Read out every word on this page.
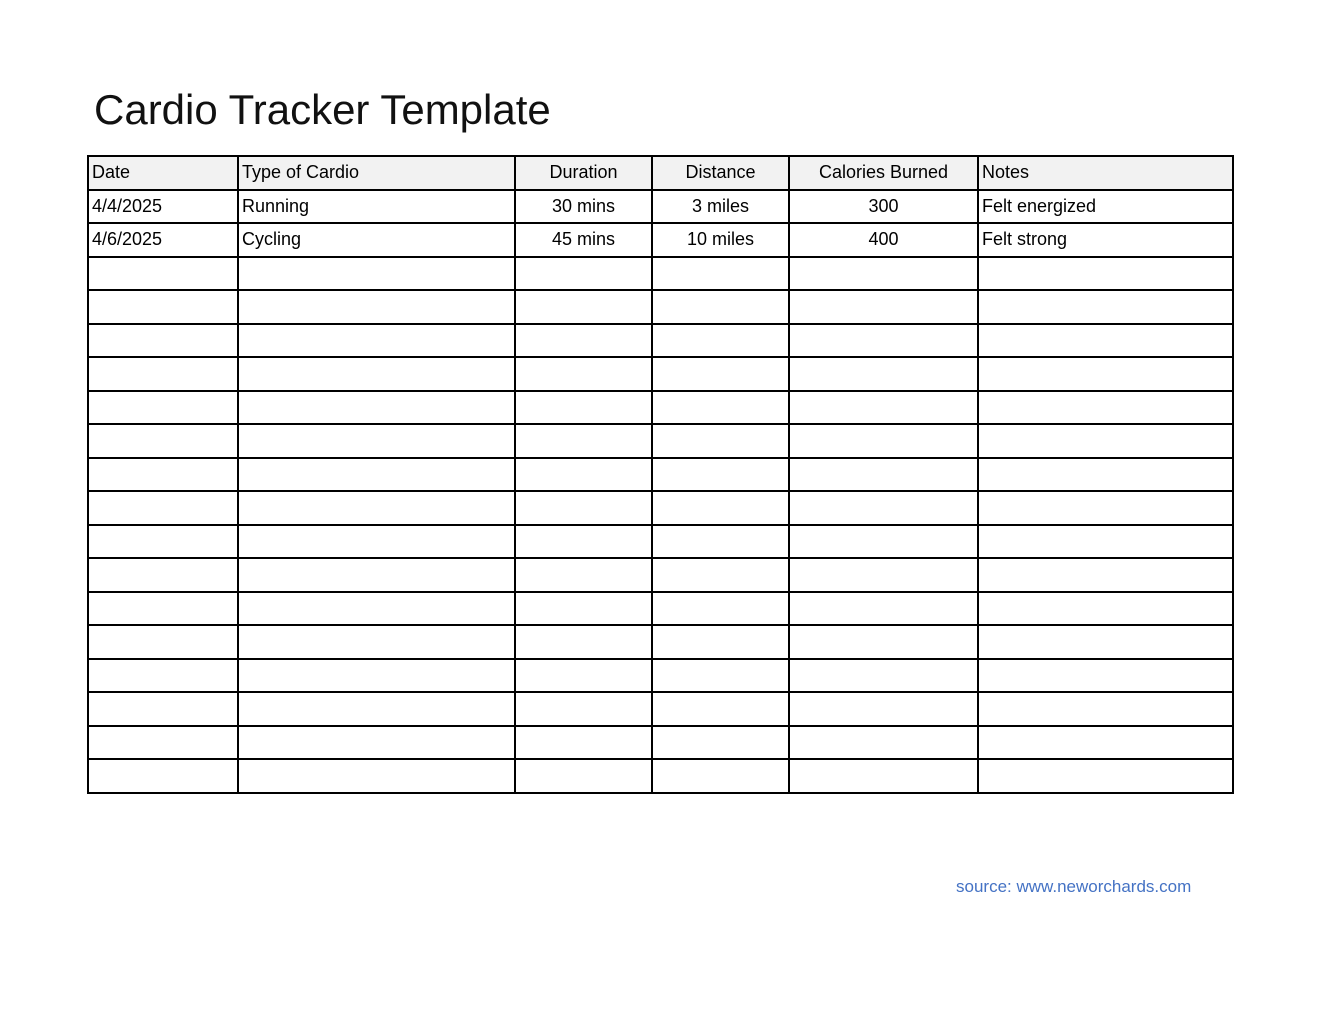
Cardio Tracker Template
Date	Type of Cardio	Duration	Distance	Calories Burned	Notes
4/4/2025	Running	30 mins	3 miles	300	Felt energized
4/6/2025	Cycling	45 mins	10 miles	400	Felt strong

source: www.neworchards.com
